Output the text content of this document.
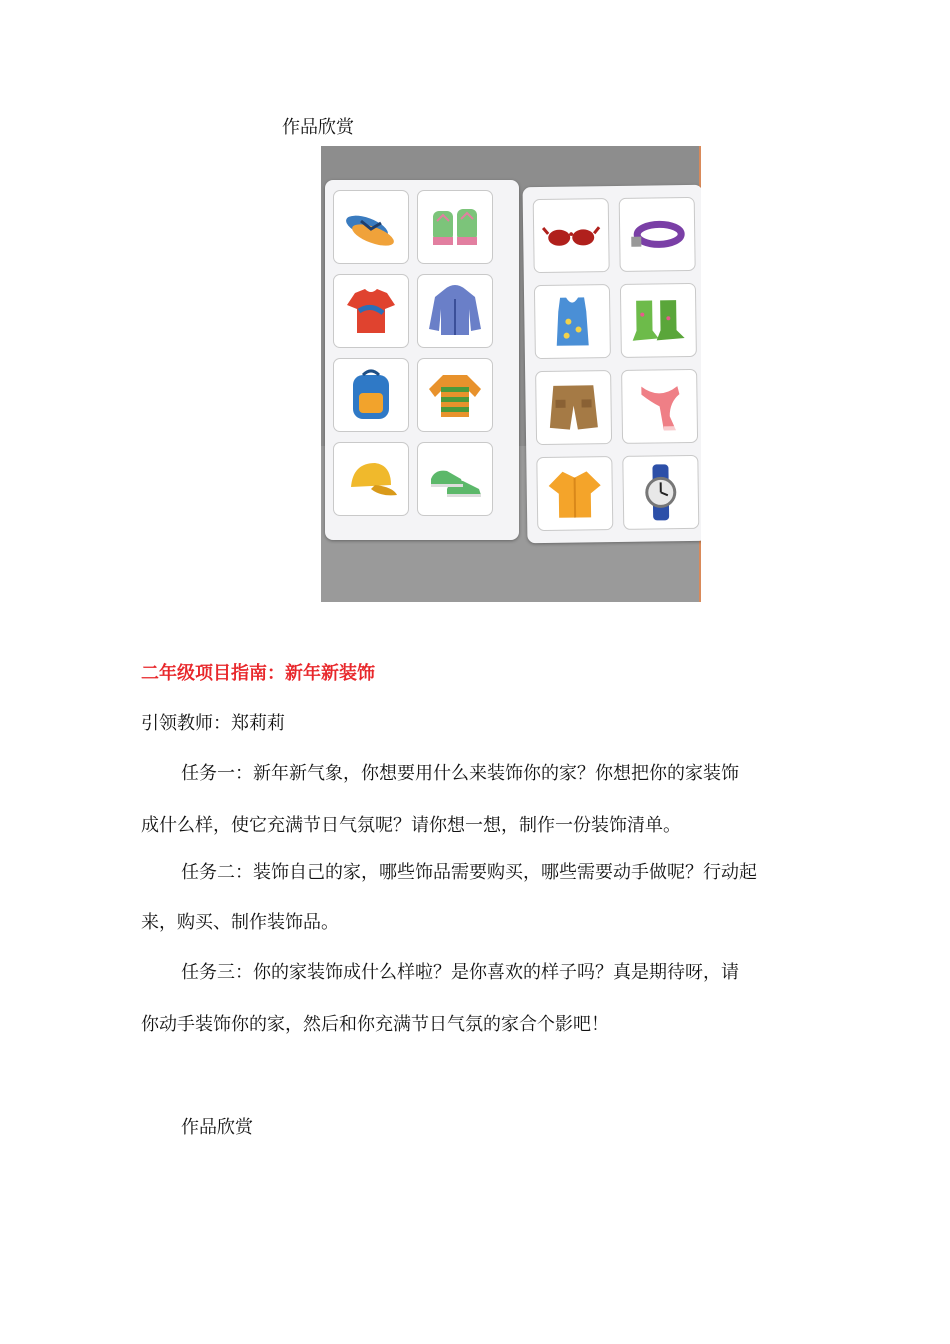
作品欣赏
二年级项目指南：新年新装饰
引领教师：郑莉莉
任务一：新年新气象，你想要用什么来装饰你的家？你想把你的家装饰
成什么样，使它充满节日气氛呢？请你想一想，制作一份装饰清单。
任务二：装饰自己的家，哪些饰品需要购买，哪些需要动手做呢？行动起
来，购买、制作装饰品。
任务三：你的家装饰成什么样啦？是你喜欢的样子吗？真是期待呀，请
你动手装饰你的家，然后和你充满节日气氛的家合个影吧！
作品欣赏
